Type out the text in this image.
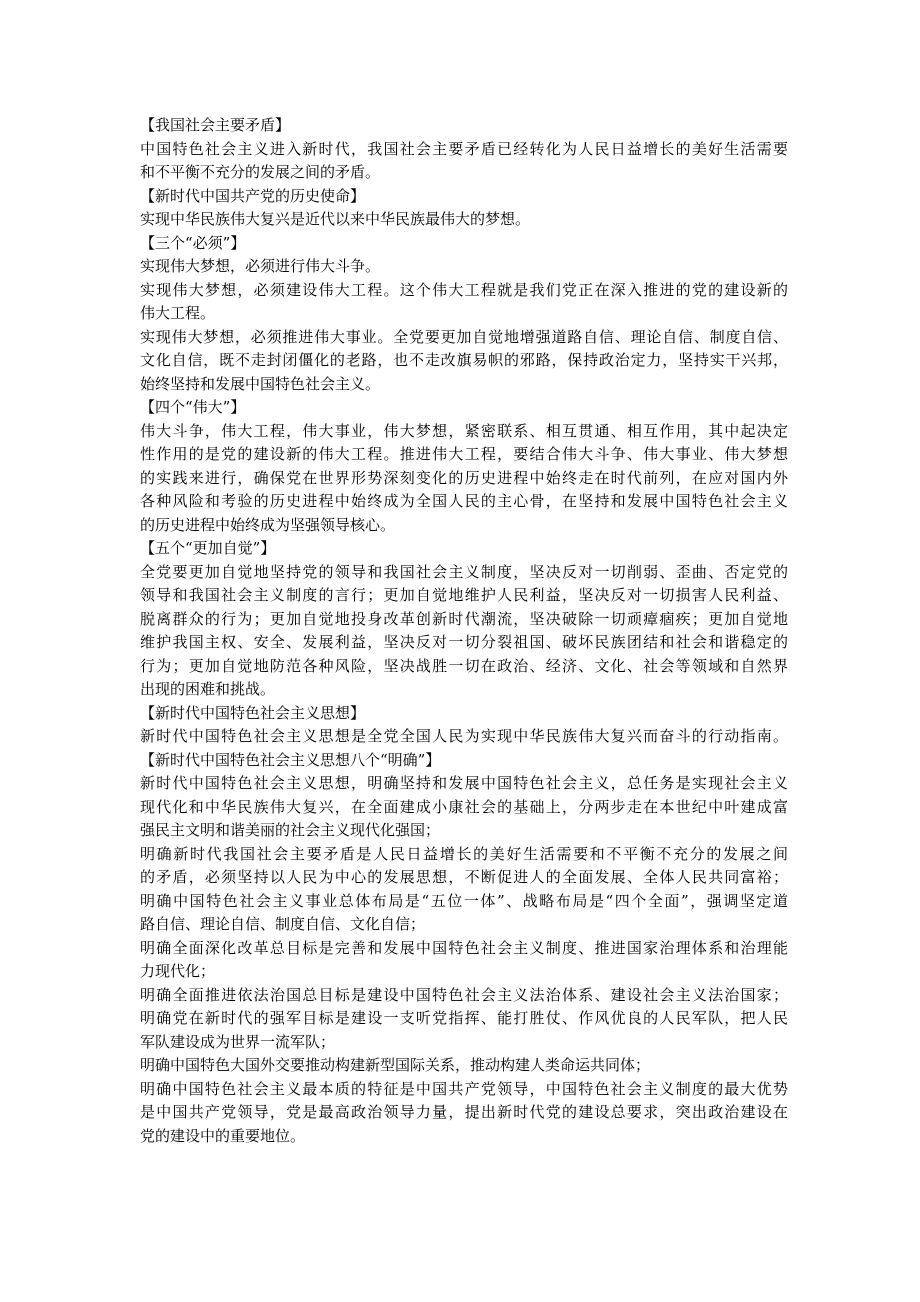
【我国社会主要矛盾】
中国特色社会主义进入新时代，我国社会主要矛盾已经转化为人民日益增长的美好生活需要
和不平衡不充分的发展之间的矛盾。
【新时代中国共产党的历史使命】
实现中华民族伟大复兴是近代以来中华民族最伟大的梦想。
【三个“必须”】
实现伟大梦想，必须进行伟大斗争。
实现伟大梦想，必须建设伟大工程。这个伟大工程就是我们党正在深入推进的党的建设新的
伟大工程。
实现伟大梦想，必须推进伟大事业。全党要更加自觉地增强道路自信、理论自信、制度自信、
文化自信，既不走封闭僵化的老路，也不走改旗易帜的邪路，保持政治定力，坚持实干兴邦，
始终坚持和发展中国特色社会主义。
【四个“伟大”】
伟大斗争，伟大工程，伟大事业，伟大梦想，紧密联系、相互贯通、相互作用，其中起决定
性作用的是党的建设新的伟大工程。推进伟大工程，要结合伟大斗争、伟大事业、伟大梦想
的实践来进行，确保党在世界形势深刻变化的历史进程中始终走在时代前列，在应对国内外
各种风险和考验的历史进程中始终成为全国人民的主心骨，在坚持和发展中国特色社会主义
的历史进程中始终成为坚强领导核心。
【五个“更加自觉”】
全党要更加自觉地坚持党的领导和我国社会主义制度，坚决反对一切削弱、歪曲、否定党的
领导和我国社会主义制度的言行；更加自觉地维护人民利益，坚决反对一切损害人民利益、
脱离群众的行为；更加自觉地投身改革创新时代潮流，坚决破除一切顽瘴痼疾；更加自觉地
维护我国主权、安全、发展利益，坚决反对一切分裂祖国、破坏民族团结和社会和谐稳定的
行为；更加自觉地防范各种风险，坚决战胜一切在政治、经济、文化、社会等领域和自然界
出现的困难和挑战。
【新时代中国特色社会主义思想】
新时代中国特色社会主义思想是全党全国人民为实现中华民族伟大复兴而奋斗的行动指南。
【新时代中国特色社会主义思想八个“明确”】
新时代中国特色社会主义思想，明确坚持和发展中国特色社会主义，总任务是实现社会主义
现代化和中华民族伟大复兴，在全面建成小康社会的基础上，分两步走在本世纪中叶建成富
强民主文明和谐美丽的社会主义现代化强国；
明确新时代我国社会主要矛盾是人民日益增长的美好生活需要和不平衡不充分的发展之间
的矛盾，必须坚持以人民为中心的发展思想，不断促进人的全面发展、全体人民共同富裕；
明确中国特色社会主义事业总体布局是“五位一体”、战略布局是“四个全面”，强调坚定道
路自信、理论自信、制度自信、文化自信；
明确全面深化改革总目标是完善和发展中国特色社会主义制度、推进国家治理体系和治理能
力现代化；
明确全面推进依法治国总目标是建设中国特色社会主义法治体系、建设社会主义法治国家；
明确党在新时代的强军目标是建设一支听党指挥、能打胜仗、作风优良的人民军队，把人民
军队建设成为世界一流军队；
明确中国特色大国外交要推动构建新型国际关系，推动构建人类命运共同体；
明确中国特色社会主义最本质的特征是中国共产党领导，中国特色社会主义制度的最大优势
是中国共产党领导，党是最高政治领导力量，提出新时代党的建设总要求，突出政治建设在
党的建设中的重要地位。
